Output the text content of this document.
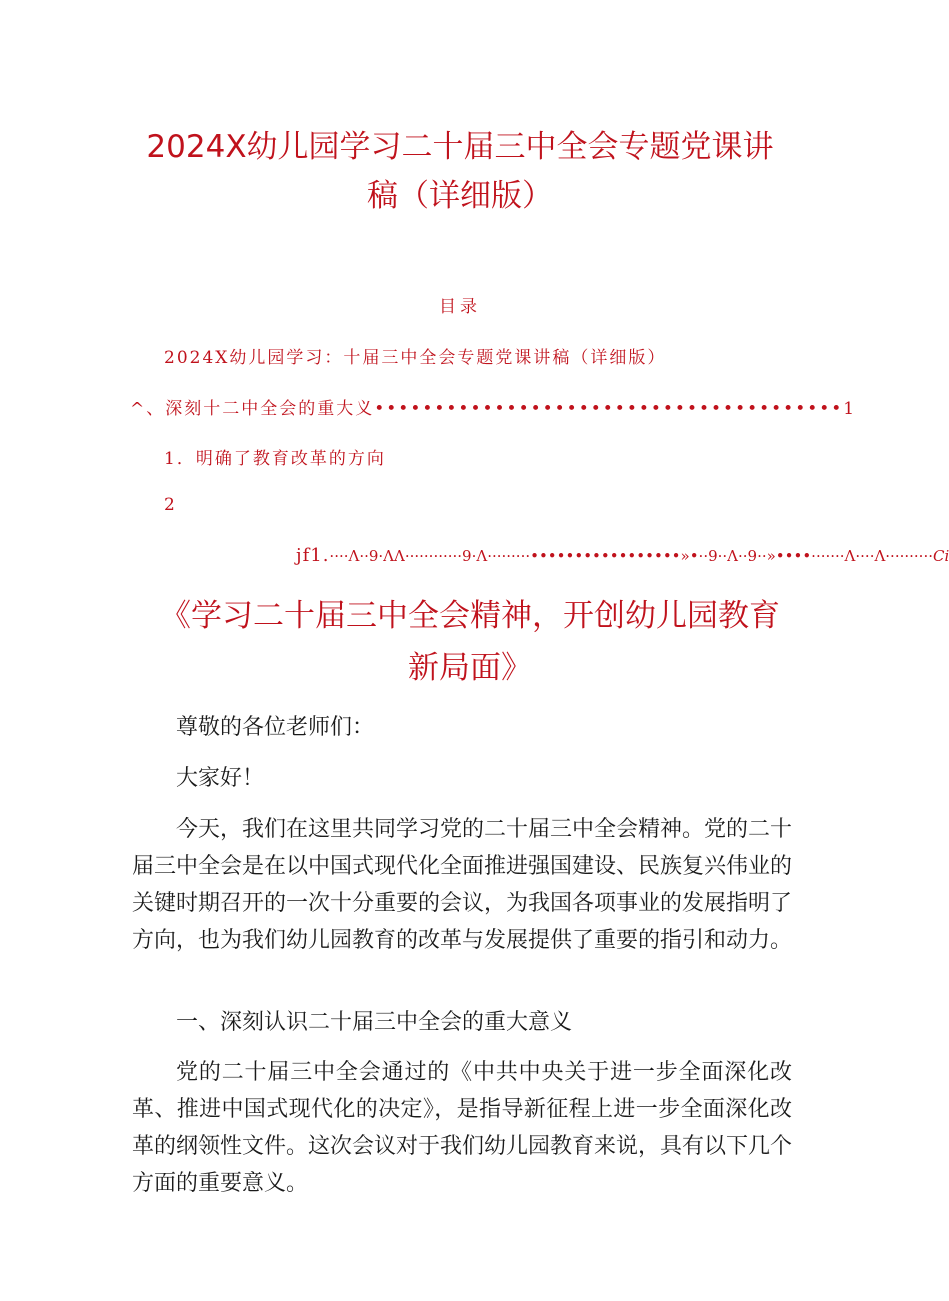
2024X幼儿园学习二十届三中全会专题党课讲
稿（详细版）
目录
2024X幼儿园学习：十届三中全会专题党课讲稿（详细版）
^、深刻十二中全会的重大义•••••••••••••••••••••••••••••••••••••••1
1．明确了教育改革的方向
2
jf1.····Λ··9·ΛΛ············9·Λ·········•••••••••••••••••»•··9··Λ··9··»••••·······Λ····Λ··········Ci
《学习二十届三中全会精神，开创幼儿园教育
新局面》

尊敬的各位老师们：

大家好！

今天，我们在这里共同学习党的二十届三中全会精神。党的二十届三中全会是在以中国式现代化全面推进强国建设、民族复兴伟业的关键时期召开的一次十分重要的会议，为我国各项事业的发展指明了方向，也为我们幼儿园教育的改革与发展提供了重要的指引和动力。

一、深刻认识二十届三中全会的重大意义

党的二十届三中全会通过的《中共中央关于进一步全面深化改革、推进中国式现代化的决定》，是指导新征程上进一步全面深化改革的纲领性文件。这次会议对于我们幼儿园教育来说，具有以下几个方面的重要意义。
